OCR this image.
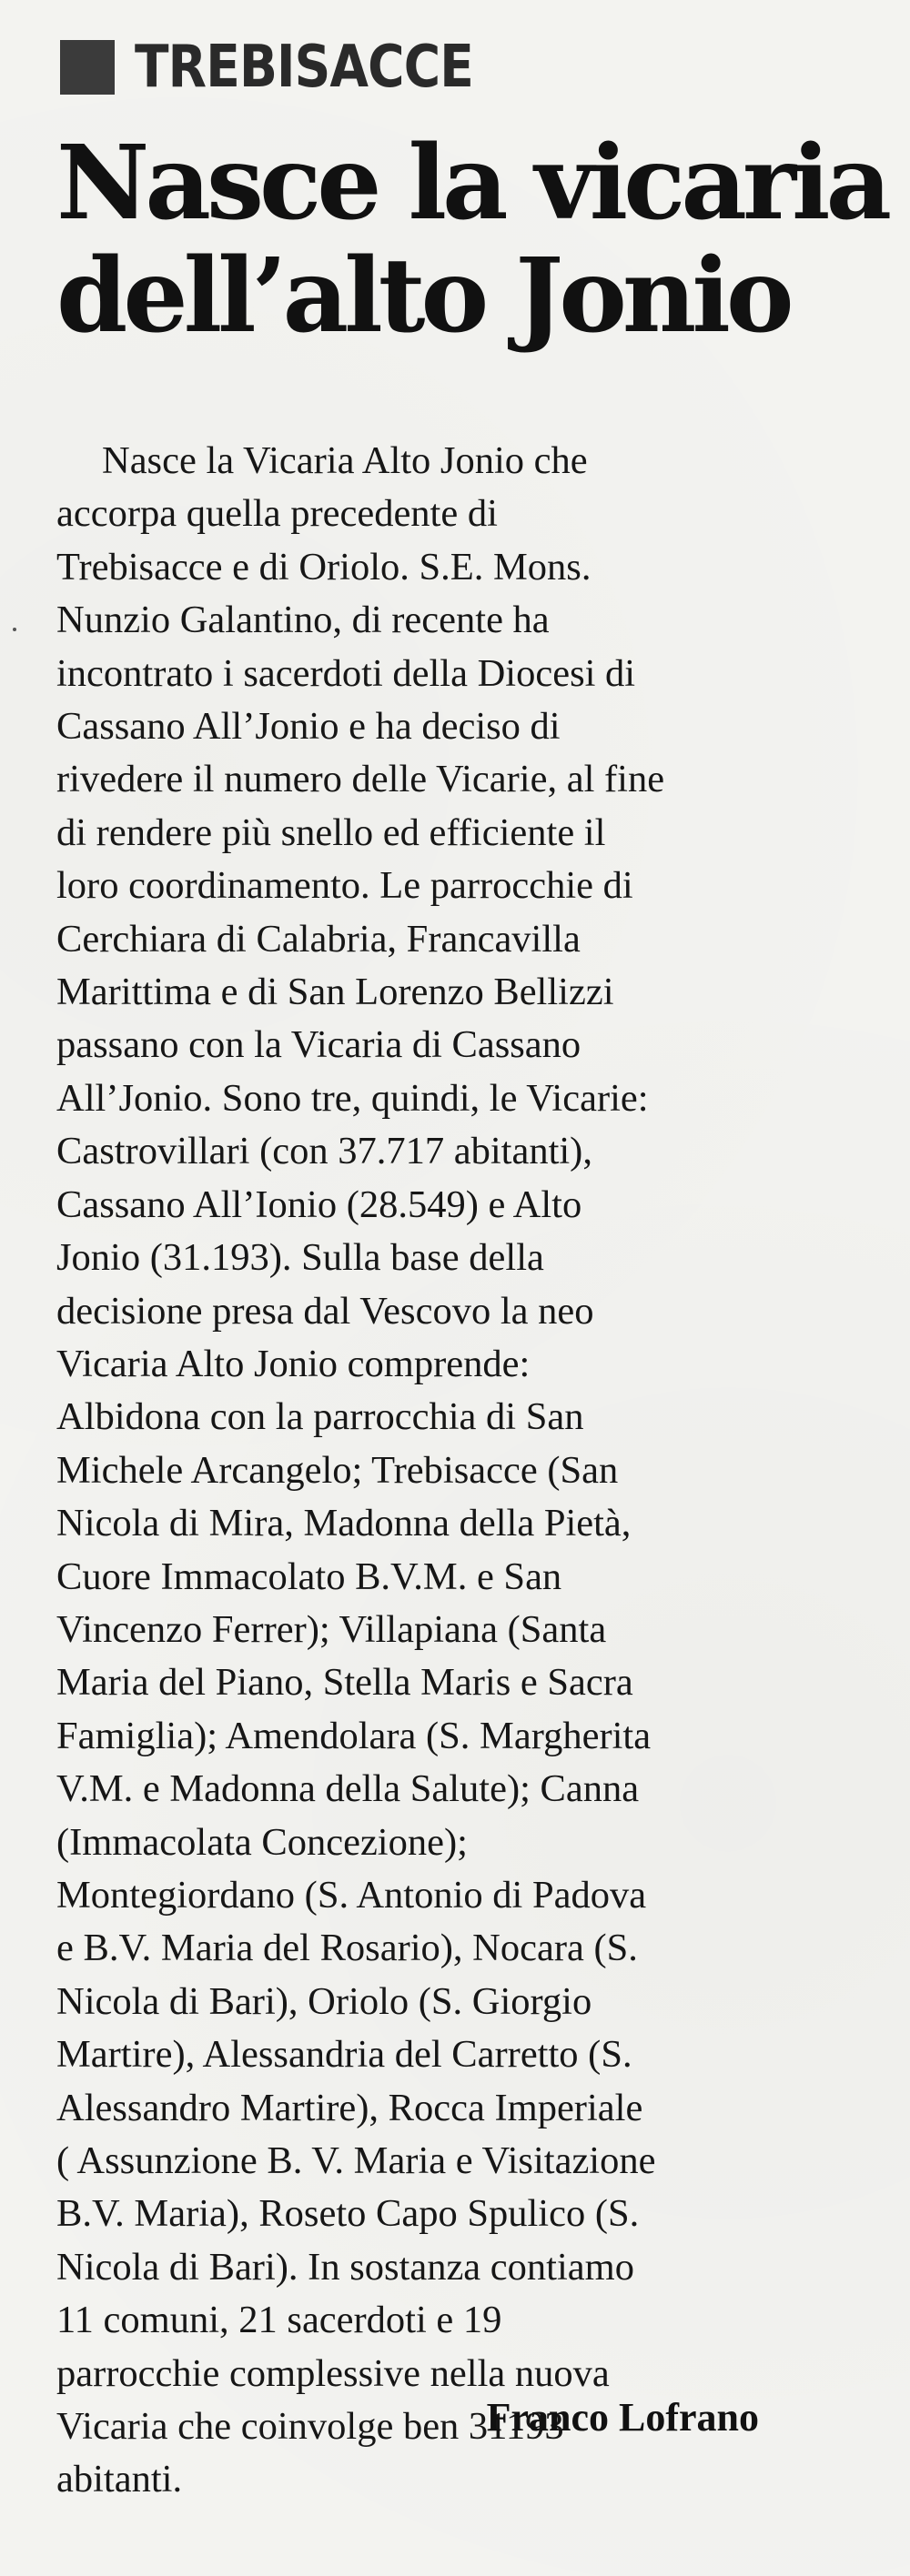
TREBISACCE
Nasce la vicaria
dell’alto Jonio
Nasce la Vicaria Alto Jonio che
accorpa quella precedente di
Trebisacce e di Oriolo. S.E. Mons.
Nunzio Galantino, di recente ha
incontrato i sacerdoti della Diocesi di
Cassano All’Jonio e ha deciso di
rivedere il numero delle Vicarie, al fine
di rendere più snello ed efficiente il
loro coordinamento. Le parrocchie di
Cerchiara di Calabria, Francavilla
Marittima e di San Lorenzo Bellizzi
passano con la Vicaria di Cassano
All’Jonio. Sono tre, quindi, le Vicarie:
Castrovillari (con 37.717 abitanti),
Cassano All’Ionio (28.549) e Alto
Jonio (31.193). Sulla base della
decisione presa dal Vescovo la neo
Vicaria Alto Jonio comprende:
Albidona con la parrocchia di San
Michele Arcangelo; Trebisacce (San
Nicola di Mira, Madonna della Pietà,
Cuore Immacolato B.V.M. e San
Vincenzo Ferrer); Villapiana (Santa
Maria del Piano, Stella Maris e Sacra
Famiglia); Amendolara (S. Margherita
V.M. e Madonna della Salute); Canna
(Immacolata Concezione);
Montegiordano (S. Antonio di Padova
e B.V. Maria del Rosario), Nocara (S.
Nicola di Bari), Oriolo (S. Giorgio
Martire), Alessandria del Carretto (S.
Alessandro Martire), Rocca Imperiale
( Assunzione B. V. Maria e Visitazione
B.V. Maria), Roseto Capo Spulico (S.
Nicola di Bari). In sostanza contiamo
11 comuni, 21 sacerdoti e 19
parrocchie complessive nella nuova
Vicaria che coinvolge ben 31193
abitanti.
Franco Lofrano
